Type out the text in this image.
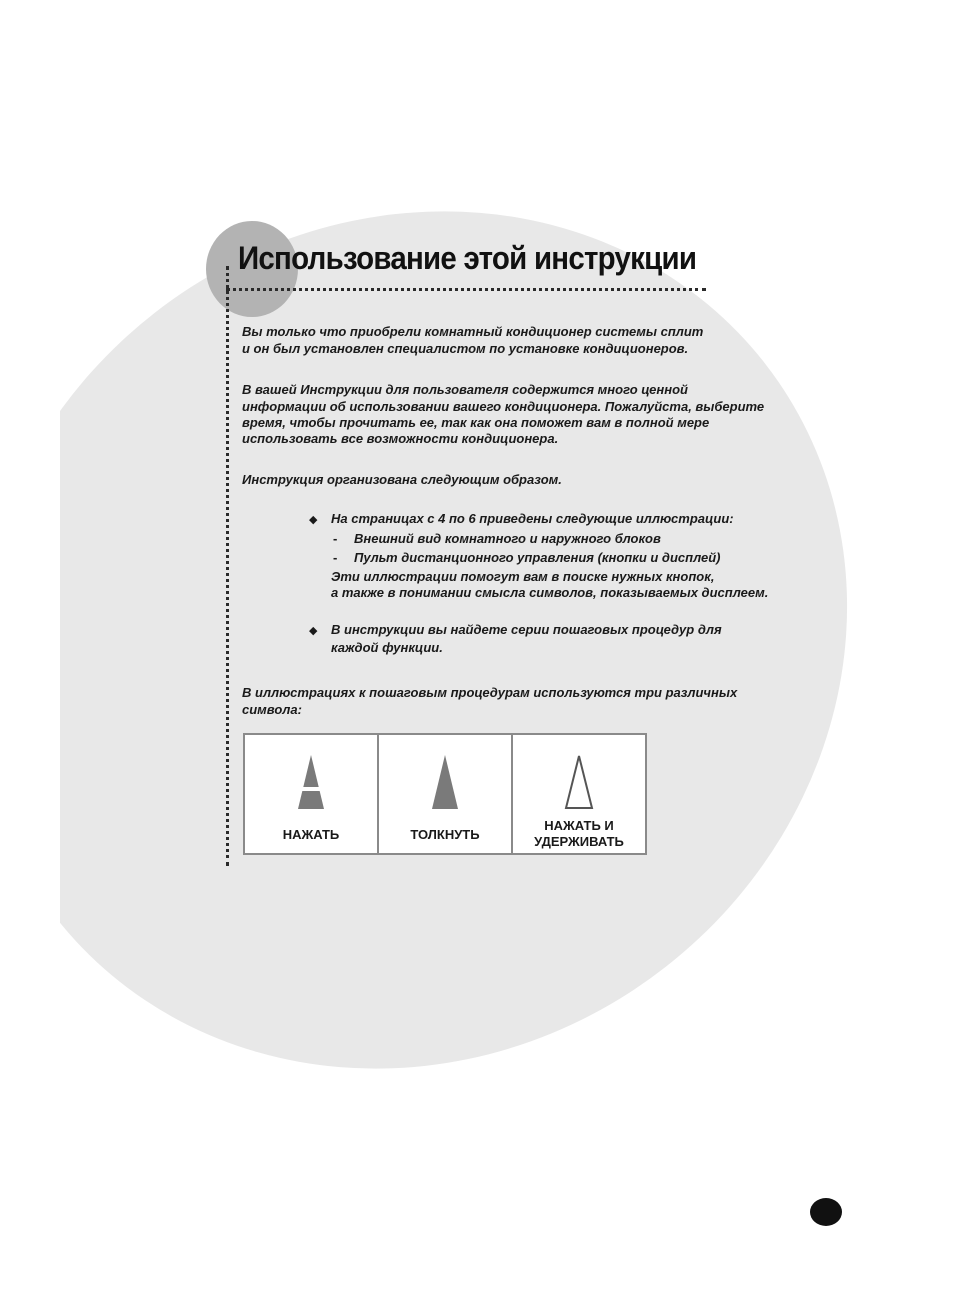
Использование этой инструкции

Вы только что приобрели комнатный кондиционер системы сплит

и он был установлен специалистом по установке кондиционеров.

В вашей Инструкции для пользователя содержится много ценной

информации об использовании вашего кондиционера. Пожалуйста, выберите

время, чтобы прочитать ее, так как она поможет вам в полной мере

использовать все возможности кондиционера.

Инструкция организована следующим образом.

◆ На страницах с 4 по 6 приведены следующие иллюстрации:

- Внешний вид комнатного и наружного блоков

- Пульт дистанционного управления (кнопки и дисплей)

Эти иллюстрации помогут вам в поиске нужных кнопок,

а также в понимании смысла символов, показываемых дисплеем.

◆ В инструкции вы найдете серии пошаговых процедур для

каждой функции.

В иллюстрациях к пошаговым процедурам используются три различных

символа:

НАЖАТЬ	ТОЛКНУТЬ
НАЖАТЬ И
УДЕРЖИВАТЬ
